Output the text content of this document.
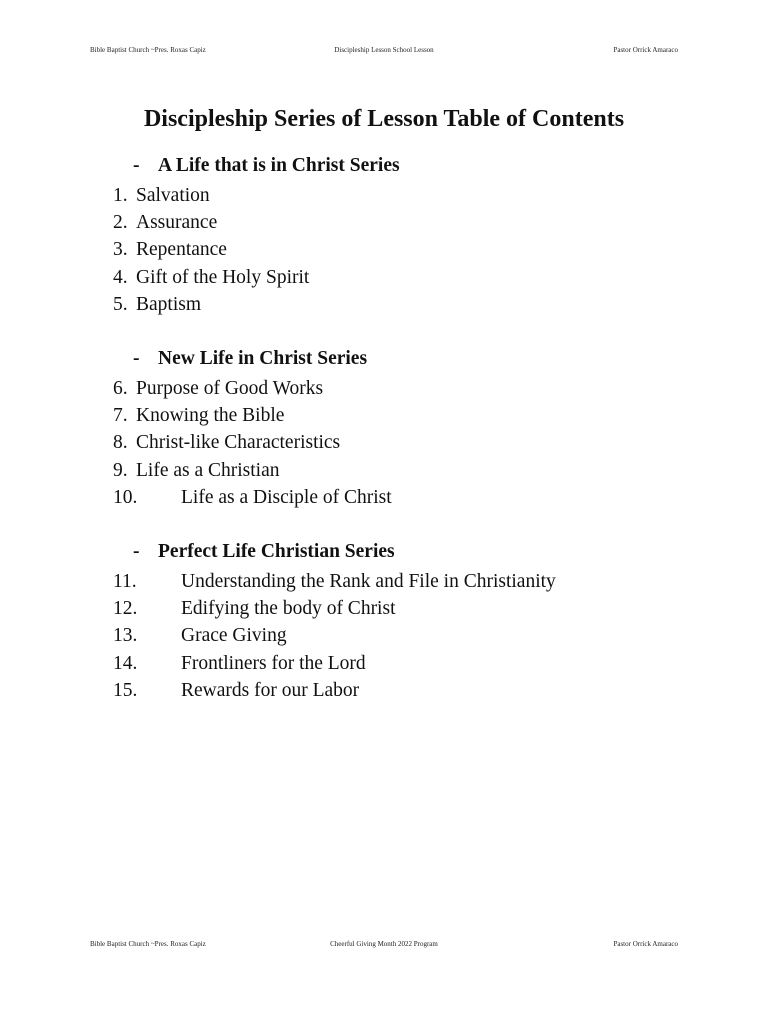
Bible Baptist Church ~Pres. Roxas Capiz	Discipleship Lesson School Lesson	Pastor Orrick Amaraco
Discipleship Series of Lesson Table of Contents
- A Life that is in Christ Series
1. Salvation
2. Assurance
3. Repentance
4. Gift of the Holy Spirit
5. Baptism
- New Life in Christ Series
6. Purpose of Good Works
7. Knowing the Bible
8. Christ-like Characteristics
9. Life as a Christian
10. Life as a Disciple of Christ
- Perfect Life Christian Series
11. Understanding the Rank and File in Christianity
12. Edifying the body of Christ
13. Grace Giving
14. Frontliners for the Lord
15. Rewards for our Labor
Bible Baptist Church ~Pres. Roxas Capiz	Cheerful Giving Month 2022 Program	Pastor Orrick Amaraco
